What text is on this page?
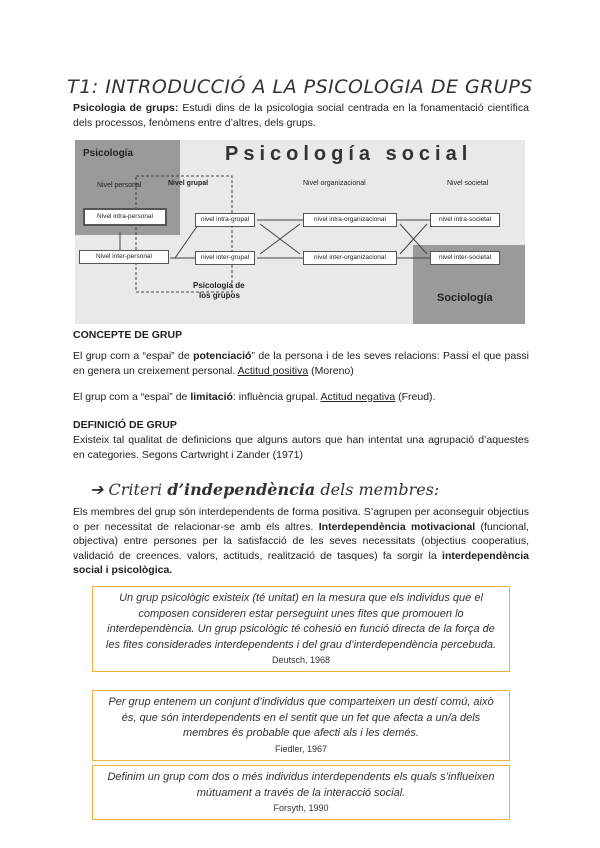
T1: INTRODUCCIÓ A LA PSICOLOGIA DE GRUPS
Psicologia de grups: Estudi dins de la psicologia social centrada en la fonamentació científica dels processos, fenòmens entre d’altres, dels grups.
Psicología social
Psicología
Nivel personal
Nivel intra-personal
Nivel inter-personal
Nivel grupal
nivel intra-grupal
nivel inter-grupal
Psicología de
los grupos
Nivel organizacional
nivel intra-organizacional
nivel inter-organizacional
Nivel societal
nivel intra-societal
nivel inter-societal
Sociología
CONCEPTE DE GRUP
El grup com a “espai” de potenciació” de la persona i de les seves relacions: Passi el que passi en genera un creixement personal. Actitud positiva (Moreno)
El grup com a “espai” de limitació: influència grupal. Actitud negativa (Freud).
DEFINICIÓ DE GRUP
Existeix tal qualitat de definicions que alguns autors que han intentat una agrupació d’aquestes en categories. Segons Cartwright i Zander (1971)
➔ Criteri d’independència dels membres:
Els membres del grup són interdependents de forma positiva. S’agrupen per aconseguir objectius o per necessitat de relacionar-se amb els altres. Interdependència motivacional (funcional, objectiva) entre persones per la satisfacció de les seves necessitats (objectius cooperatius, validació de creences. valors, actituds, realització de tasques) fa sorgir la interdependència social i psicològica.
Un grup psicològic existeix (té unitat) en la mesura que els individus que el composen consideren estar perseguint unes fites que promouen lo interdependència. Un grup psicològic té cohesió en funció directa de la força de les fites considerades interdependents i del grau d’interdependència percebuda.
Deutsch, 1968
Per grup entenem un conjunt d’individus que comparteixen un destí comú, això és, que són interdependents en el sentit que un fet que afecta a un/a dels membres és probable que afecti als i les demés.
Fiedler, 1967
Definim un grup com dos o més individus interdependents els quals s’influeixen mútuament a través de la interacció social.
Forsyth, 1990
